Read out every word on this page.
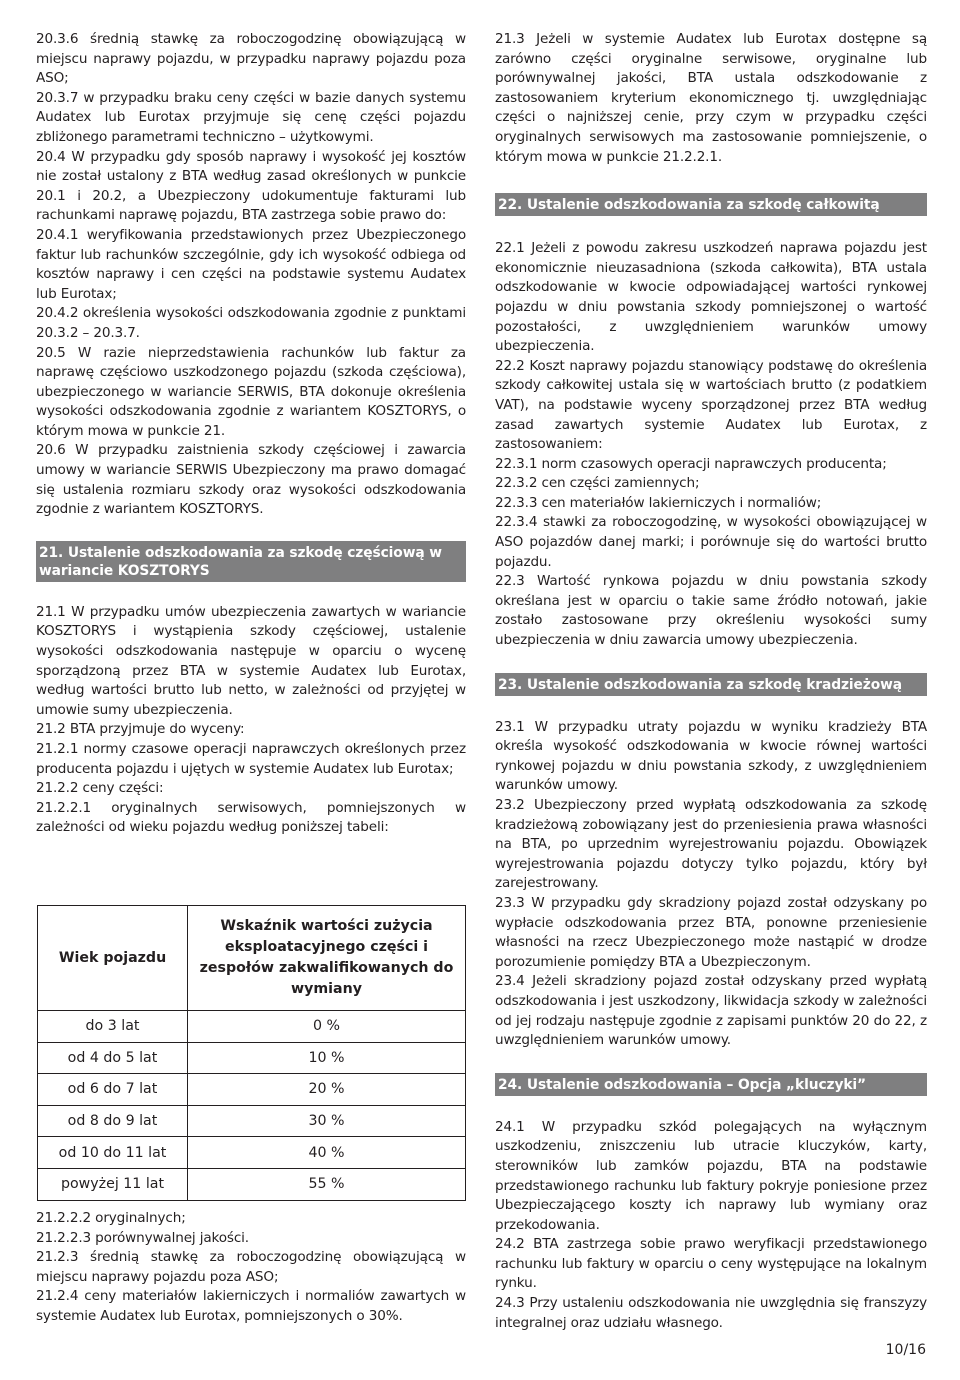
20.3.6 średnią stawkę za roboczogodzinę obowiązującą w miejscu naprawy pojazdu, w przypadku naprawy pojazdu poza ASO;

20.3.7 w przypadku braku ceny części w bazie danych systemu Audatex lub Eurotax przyjmuje się cenę części pojazdu zbliżonego parametrami techniczno – użytkowymi.

20.4 W przypadku gdy sposób naprawy i wysokość jej kosztów nie został ustalony z BTA według zasad określonych w punkcie 20.1 i 20.2, a Ubezpieczony udokumentuje fakturami lub rachunkami naprawę pojazdu, BTA zastrzega sobie prawo do:

20.4.1 weryfikowania przedstawionych przez Ubezpieczonego faktur lub rachunków szczególnie, gdy ich wysokość odbiega od kosztów naprawy i cen części na podstawie systemu Audatex lub Eurotax;

20.4.2 określenia wysokości odszkodowania zgodnie z punktami 20.3.2 – 20.3.7.

20.5 W razie nieprzedstawienia rachunków lub faktur za naprawę częściowo uszkodzonego pojazdu (szkoda częściowa), ubezpieczonego w wariancie SERWIS, BTA dokonuje określenia wysokości odszkodowania zgodnie z wariantem KOSZTORYS, o którym mowa w punkcie 21.

20.6 W przypadku zaistnienia szkody częściowej i zawarcia umowy w wariancie SERWIS Ubezpieczony ma prawo domagać się ustalenia rozmiaru szkody oraz wysokości odszkodowania zgodnie z wariantem KOSZTORYS.

21. Ustalenie odszkodowania za szkodę częściową w wariancie KOSZTORYS

21.1 W przypadku umów ubezpieczenia zawartych w wariancie KOSZTORYS i wystąpienia szkody częściowej, ustalenie wysokości odszkodowania następuje w oparciu o wycenę sporządzoną przez BTA w systemie Audatex lub Eurotax, według wartości brutto lub netto, w zależności od przyjętej w umowie sumy ubezpieczenia.

21.2 BTA przyjmuje do wyceny:

21.2.1 normy czasowe operacji naprawczych określonych przez producenta pojazdu i ujętych w systemie Audatex lub Eurotax;

21.2.2 ceny części:

21.2.2.1 oryginalnych serwisowych, pomniejszonych w zależności od wieku pojazdu według poniższej tabeli:

Wiek pojazdu	Wskaźnik wartości zużycia eksploatacyjnego części i zespołów zakwalifikowanych do wymiany
do 3 lat	0 %
od 4 do 5 lat	10 %
od 6 do 7 lat	20 %
od 8 do 9 lat	30 %
od 10 do 11 lat	40 %
powyżej 11 lat	55 %

21.2.2.2 oryginalnych;

21.2.2.3 porównywalnej jakości.

21.2.3 średnią stawkę za roboczogodzinę obowiązującą w miejscu naprawy pojazdu poza ASO;

21.2.4 ceny materiałów lakierniczych i normaliów zawartych w systemie Audatex lub Eurotax, pomniejszonych o 30%.

21.3 Jeżeli w systemie Audatex lub Eurotax dostępne są zarówno części oryginalne serwisowe, oryginalne lub porównywalnej jakości, BTA ustala odszkodowanie z zastosowaniem kryterium ekonomicznego tj. uwzględniając części o najniższej cenie, przy czym w przypadku części oryginalnych serwisowych ma zastosowanie pomniejszenie, o którym mowa w punkcie 21.2.2.1.

22. Ustalenie odszkodowania za szkodę całkowitą

22.1 Jeżeli z powodu zakresu uszkodzeń naprawa pojazdu jest ekonomicznie nieuzasadniona (szkoda całkowita), BTA ustala odszkodowanie w kwocie odpowiadającej wartości rynkowej pojazdu w dniu powstania szkody pomniejszonej o wartość pozostałości, z uwzględnieniem warunków umowy ubezpieczenia.

22.2 Koszt naprawy pojazdu stanowiący podstawę do określenia szkody całkowitej ustala się w wartościach brutto (z podatkiem VAT), na podstawie wyceny sporządzonej przez BTA według zasad zawartych systemie Audatex lub Eurotax, z zastosowaniem:

22.3.1 norm czasowych operacji naprawczych producenta;

22.3.2 cen części zamiennych;

22.3.3 cen materiałów lakierniczych i normaliów;

22.3.4 stawki za roboczogodzinę, w wysokości obowiązującej w ASO pojazdów danej marki; i porównuje się do wartości brutto pojazdu.

22.3 Wartość rynkowa pojazdu w dniu powstania szkody określana jest w oparciu o takie same źródło notowań, jakie zostało zastosowane przy określeniu wysokości sumy ubezpieczenia w dniu zawarcia umowy ubezpieczenia.

23. Ustalenie odszkodowania za szkodę kradzieżową

23.1 W przypadku utraty pojazdu w wyniku kradzieży BTA określa wysokość odszkodowania w kwocie równej wartości rynkowej pojazdu w dniu powstania szkody, z uwzględnieniem warunków umowy.

23.2 Ubezpieczony przed wypłatą odszkodowania za szkodę kradzieżową zobowiązany jest do przeniesienia prawa własności na BTA, po uprzednim wyrejestrowaniu pojazdu. Obowiązek wyrejestrowania pojazdu dotyczy tylko pojazdu, który był zarejestrowany.

23.3 W przypadku gdy skradziony pojazd został odzyskany po wypłacie odszkodowania przez BTA, ponowne przeniesienie własności na rzecz Ubezpieczonego może nastąpić w drodze porozumienie pomiędzy BTA a Ubezpieczonym.

23.4 Jeżeli skradziony pojazd został odzyskany przed wypłatą odszkodowania i jest uszkodzony, likwidacja szkody w zależności od jej rodzaju następuje zgodnie z zapisami punktów 20 do 22, z uwzględnieniem warunków umowy.

24. Ustalenie odszkodowania – Opcja „kluczyki”

24.1 W przypadku szkód polegających na wyłącznym uszkodzeniu, zniszczeniu lub utracie kluczyków, karty, sterowników lub zamków pojazdu, BTA na podstawie przedstawionego rachunku lub faktury pokryje poniesione przez Ubezpieczającego koszty ich naprawy lub wymiany oraz przekodowania.

24.2 BTA zastrzega sobie prawo weryfikacji przedstawionego rachunku lub faktury w oparciu o ceny występujące na lokalnym rynku.

24.3 Przy ustaleniu odszkodowania nie uwzględnia się franszyzy integralnej oraz udziału własnego.

10/16
